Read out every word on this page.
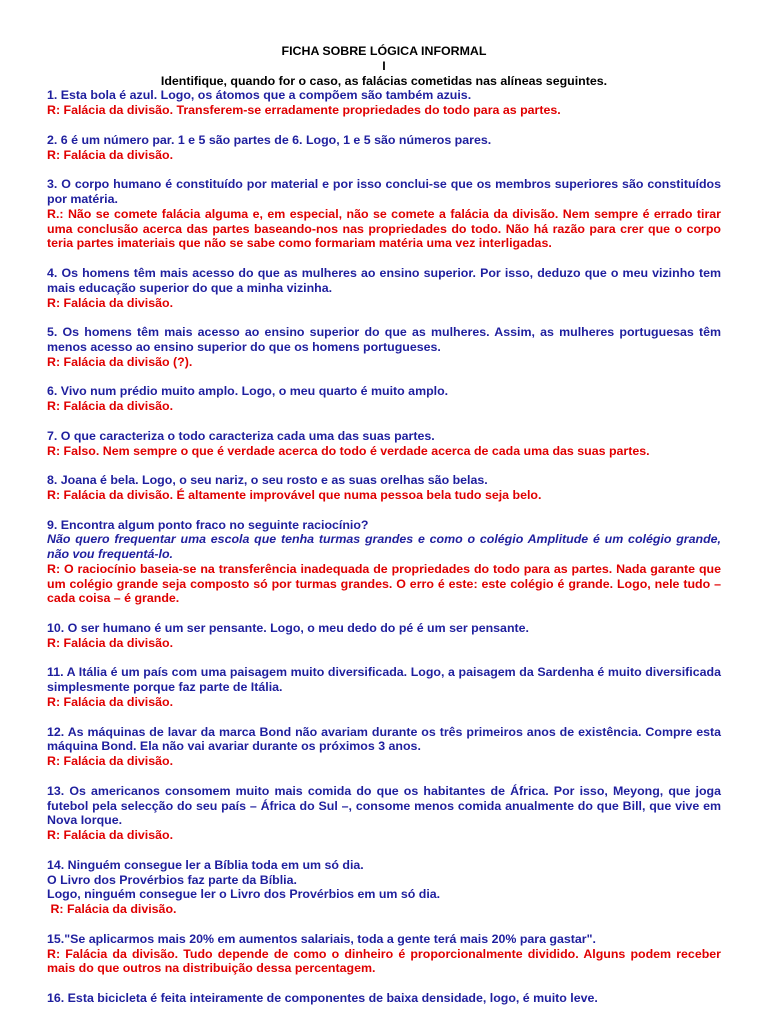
FICHA SOBRE LÓGICA INFORMAL
I
Identifique, quando for o caso, as falácias cometidas nas alíneas seguintes.
1. Esta bola é azul. Logo, os átomos que a compõem são também azuis.
R: Falácia da divisão. Transferem-se erradamente propriedades do todo para as partes.
2. 6 é um número par. 1 e 5 são partes de 6. Logo, 1 e 5 são números pares.
R: Falácia da divisão.
3. O corpo humano é constituído por material e por isso conclui-se que os membros superiores são constituídos por matéria.
R.: Não se comete falácia alguma e, em especial, não se comete a falácia da divisão. Nem sempre é errado tirar uma conclusão acerca das partes baseando-nos nas propriedades do todo. Não há razão para crer que o corpo teria partes imateriais que não se sabe como formariam matéria uma vez interligadas.
4. Os homens têm mais acesso do que as mulheres ao ensino superior. Por isso, deduzo que o meu vizinho tem mais educação superior do que a minha vizinha.
R: Falácia da divisão.
5. Os homens têm mais acesso ao ensino superior do que as mulheres. Assim, as mulheres portuguesas têm menos acesso ao ensino superior do que os homens portugueses.
R: Falácia da divisão (?).
6. Vivo num prédio muito amplo. Logo, o meu quarto é muito amplo.
R: Falácia da divisão.
7. O que caracteriza o todo caracteriza cada uma das suas partes.
R: Falso. Nem sempre o que é verdade acerca do todo é verdade acerca de cada uma das suas partes.
8. Joana é bela. Logo, o seu nariz, o seu rosto e as suas orelhas são belas.
R: Falácia da divisão. É altamente improvável que numa pessoa bela tudo seja belo.
9. Encontra algum ponto fraco no seguinte raciocínio?
Não quero frequentar uma escola que tenha turmas grandes e como o colégio Amplitude é um colégio grande, não vou frequentá-lo.
R: O raciocínio baseia-se na transferência inadequada de propriedades do todo para as partes. Nada garante que um colégio grande seja composto só por turmas grandes. O erro é este: este colégio é grande. Logo, nele tudo – cada coisa – é grande.
10. O ser humano é um ser pensante. Logo, o meu dedo do pé é um ser pensante.
R: Falácia da divisão.
11. A Itália é um país com uma paisagem muito diversificada. Logo, a paisagem da Sardenha é muito diversificada simplesmente porque faz parte de Itália.
R: Falácia da divisão.
12. As máquinas de lavar da marca Bond não avariam durante os três primeiros anos de existência. Compre esta máquina Bond. Ela não vai avariar durante os próximos 3 anos.
R: Falácia da divisão.
13. Os americanos consomem muito mais comida do que os habitantes de África. Por isso, Meyong, que joga futebol pela selecção do seu país – África do Sul –, consome menos comida anualmente do que Bill, que vive em Nova Iorque.
R: Falácia da divisão.
14. Ninguém consegue ler a Bíblia toda em um só dia.
O Livro dos Provérbios faz parte da Bíblia.
Logo, ninguém consegue ler o Livro dos Provérbios em um só dia.
R: Falácia da divisão.
15."Se aplicarmos mais 20% em aumentos salariais, toda a gente terá mais 20% para gastar".
R: Falácia da divisão. Tudo depende de como o dinheiro é proporcionalmente dividido. Alguns podem receber mais do que outros na distribuição dessa percentagem.
16. Esta bicicleta é feita inteiramente de componentes de baixa densidade, logo, é muito leve.
